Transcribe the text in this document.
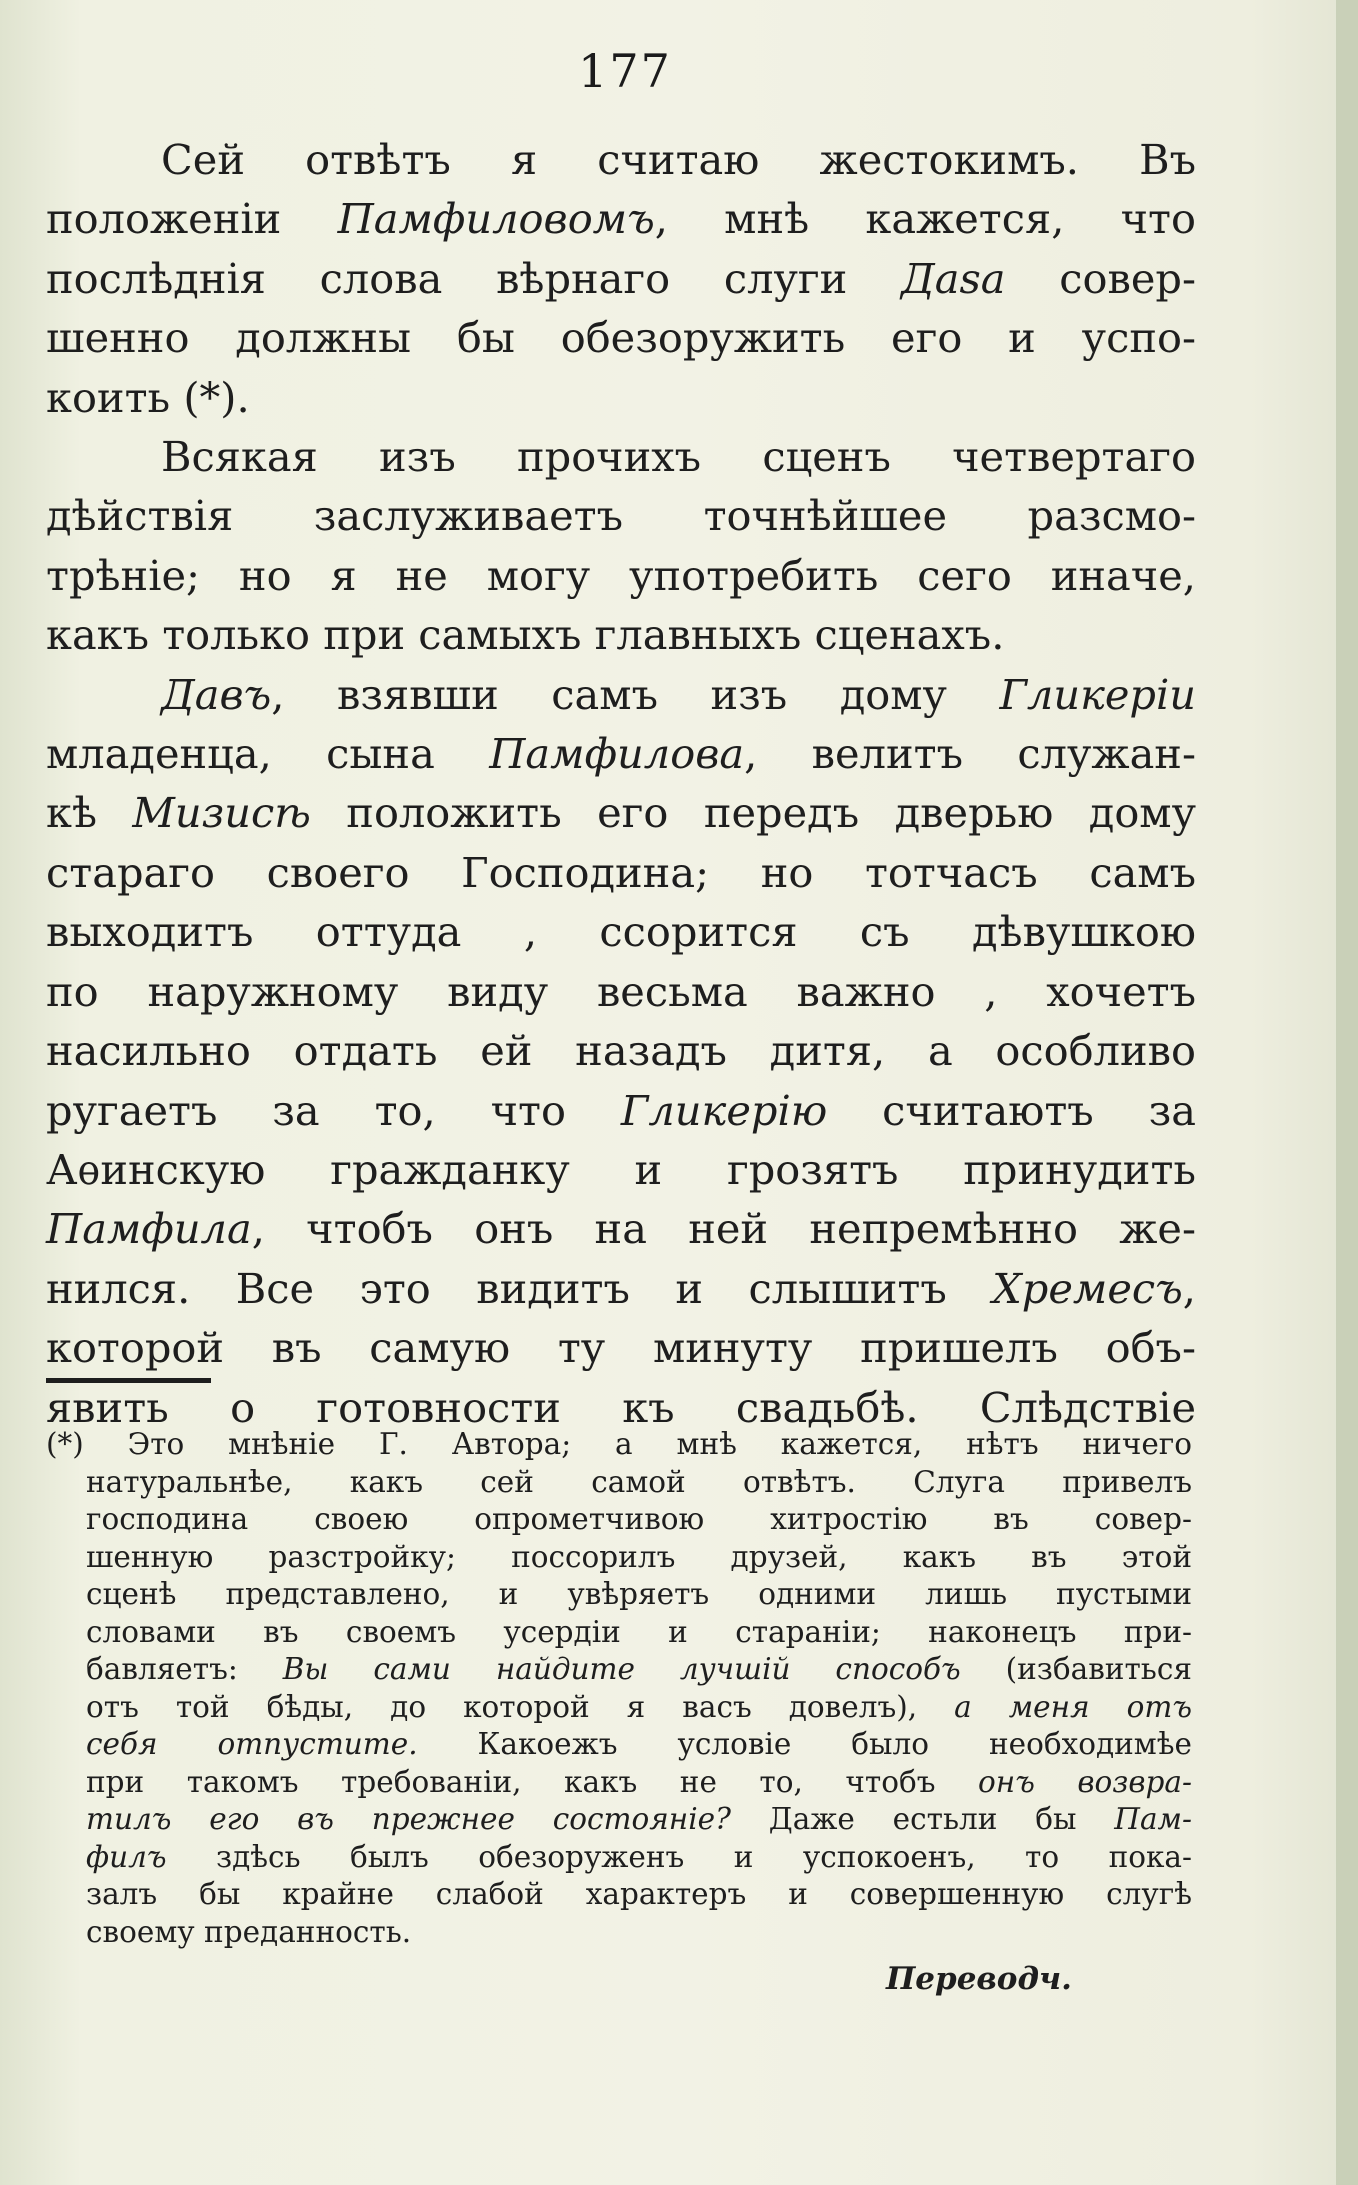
177
Сей отвѣтъ я считаю жестокимъ. Въ
положеніи Памфиловомъ, мнѣ кажется, что
послѣднія слова вѣрнаго слуги Даsа совер-
шенно должны бы обезоружить его и успо-
коить (*).
Всякая изъ прочихъ сценъ четвертаго
дѣйствія заслуживаетъ точнѣйшее разсмо-
трѣніе; но я не могу употребить сего иначе,
какъ только при самыхъ главныхъ сценахъ.
Давъ, взявши самъ изъ дому Гликеріи
младенца, сына Памфилова, велитъ служан-
кѣ Мизисѣ положить его передъ дверью дому
стараго своего Господина; но тотчасъ самъ
выходитъ оттуда , ссорится съ дѣвушкою
по наружному виду весьма важно , хочетъ
насильно отдать ей назадъ дитя, а особливо
ругаетъ за то, что Гликерію считаютъ за
Аѳинскую гражданку и грозятъ принудить
Памфила, чтобъ онъ на ней непремѣнно же-
нился. Все это видитъ и слышитъ Хремесъ,
которой въ самую ту минуту пришелъ объ-
явить о готовности къ свадьбѣ. Слѣдствіе
(*) Это мнѣніе Г. Автора; а мнѣ кажется, нѣтъ ничего
натуральнѣе, какъ сей самой отвѣтъ. Слуга привелъ
господина своею опрометчивою хитростію въ совер-
шенную разстройку; поссорилъ друзей, какъ въ этой
сценѣ представлено, и увѣряетъ одними лишь пустыми
словами въ своемъ усердіи и стараніи; наконецъ при-
бавляетъ: Вы сами найдите лучшій способъ (избавиться
отъ той бѣды, до которой я васъ довелъ), а меня отъ
себя отпустите. Какоежъ условіе было необходимѣе
при такомъ требованіи, какъ не то, чтобъ онъ возвра-
тилъ его въ прежнее состояніе? Даже естьли бы Пам-
филъ здѣсь былъ обезоруженъ и успокоенъ, то пока-
залъ бы крайне слабой характеръ и совершенную слугѣ
своему преданность.
Переводч.
